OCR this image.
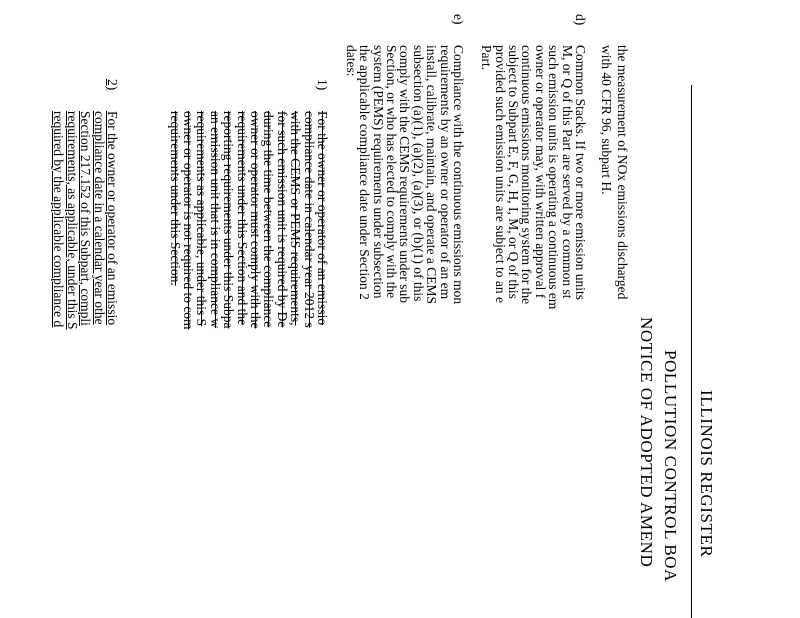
ILLINOIS REGISTER
POLLUTION CONTROL BOA
NOTICE OF ADOPTED AMEND
the measurement of NOx emissions discharged
with 40 CFR 96, subpart H.
d)
Common Stacks. If two or more emission units
M, or Q of this Part are served by a common st
such emission units is operating a continuous em
owner or operator may, with written approval f
continuous emissions monitoring system for the
subject to Subpart E, F, G, H, I, M, or Q of this
provided such emission units are subject to an e
Part.
e)
Compliance with the continuous emissions mon
requirements by an owner or operator of an em
install, calibrate, maintain, and operate a CEMS
subsection (a)(1), (a)(2), (a)(3), or (b)(1) of this
comply with the CEMS requirements under sub
Section, or who has elected to comply with the
system (PEMS) requirements under subsection
the applicable compliance date under Section 2
dates:
1)
For the owner or operator of an emissio
compliance date in calendar year 2012 s
with the CEMS or PEMS requirements,
for such emission unit is required by De
during the time between the compliance
owner or operator must comply with the
requirements under this Section and the
reporting requirements under this Subpa
an emission unit that is in compliance w
requirements as applicable, under this S
owner or operator is not required to com
requirements under this Section.
2)
For the owner or operator of an emissio
compliance date in a calendar year othe
Section 217.152 of this Subpart, compli
requirements, as applicable, under this S
required by the applicable compliance d
